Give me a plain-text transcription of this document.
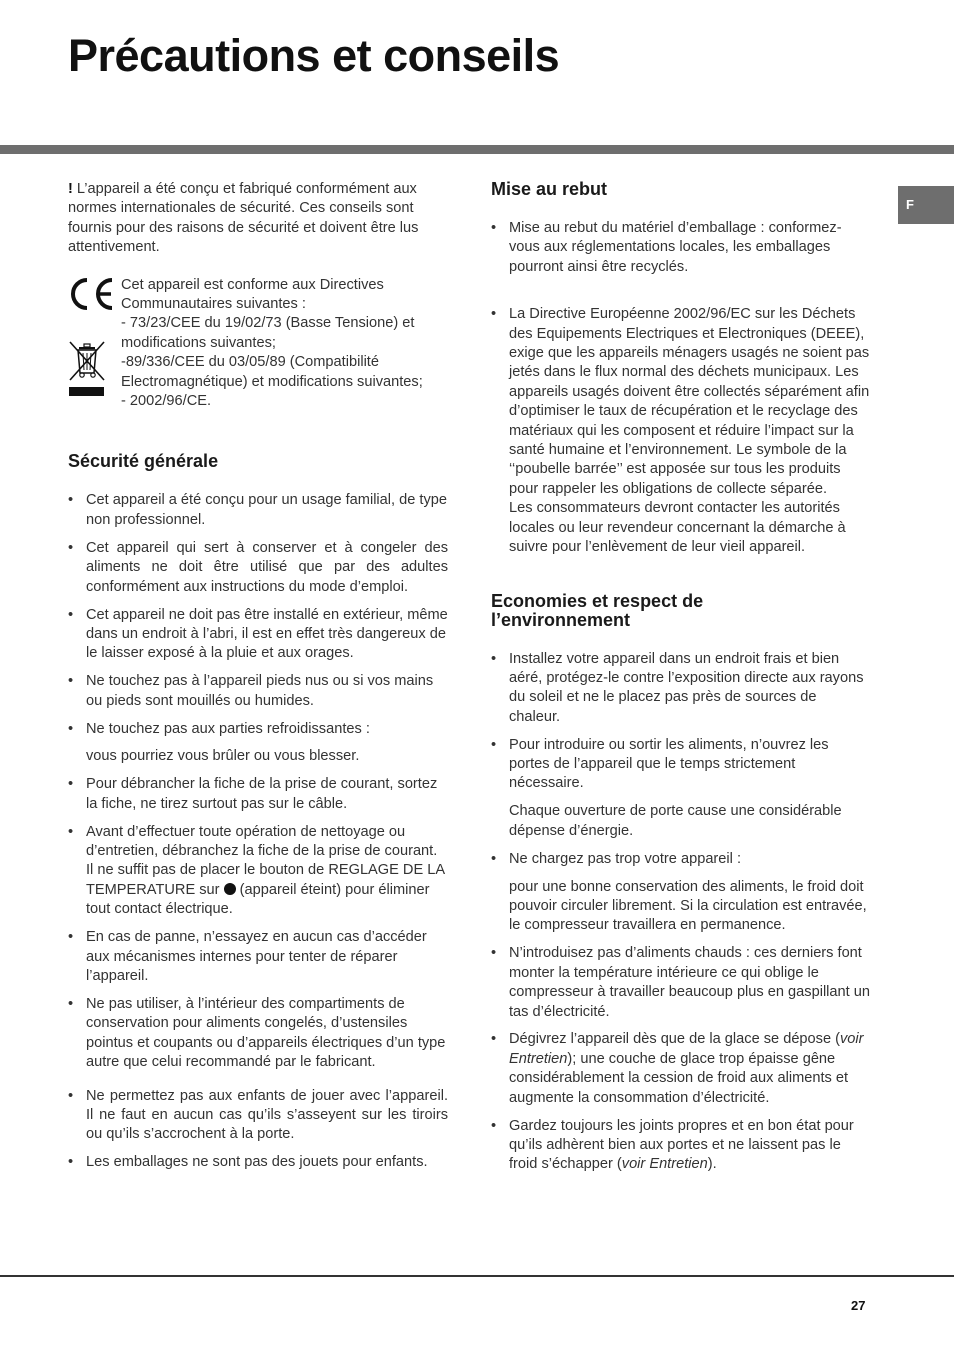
Précautions et conseils
F

! L’appareil a été conçu et fabriqué conformément aux normes internationales de sécurité. Ces conseils sont fournis pour des raisons de sécurité et doivent être lus attentivement.

Cet appareil est conforme aux Directives
Communautaires suivantes :
- 73/23/CEE du 19/02/73 (Basse Tensione) et
modifications suivantes;
-89/336/CEE du 03/05/89 (Compatibilité
Electromagnétique) et modifications suivantes;
- 2002/96/CE.
Sécurité générale
• Cet appareil a été conçu pour un usage familial, de type non professionnel.
• Cet appareil qui sert à conserver et à congeler des aliments ne doit être utilisé que par des adultes conformément aux instructions du mode d’emploi.
• Cet appareil ne doit pas être installé en extérieur, même dans un endroit à l’abri, il est en effet très dangereux de le laisser exposé à la pluie et aux orages.
• Ne touchez pas à l’appareil pieds nus ou si vos mains ou pieds sont mouillés ou humides.
• Ne touchez pas aux parties refroidissantes :
vous pourriez vous brûler ou vous blesser.
• Pour débrancher la fiche de la prise de courant, sortez la fiche, ne tirez surtout pas sur le câble.
• Avant d’effectuer toute opération de nettoyage ou d’entretien, débranchez la fiche de la prise de courant. Il ne suffit pas de placer le bouton de REGLAGE DE LA TEMPERATURE sur  (appareil éteint) pour éliminer tout contact électrique.
• En cas de panne, n’essayez en aucun cas d’accéder aux mécanismes internes pour tenter de réparer l’appareil.
• Ne pas utiliser, à l’intérieur des compartiments de conservation pour aliments congelés, d’ustensiles pointus et coupants ou d’appareils électriques d’un type autre que celui recommandé par le fabricant.
• Ne permettez pas aux enfants de jouer avec l’appareil. Il ne faut en aucun cas qu’ils s’asseyent sur les tiroirs ou qu’ils s’accrochent à la porte.
• Les emballages ne sont pas des jouets pour enfants.
Mise au rebut
• Mise au rebut du matériel d’emballage : conformez-vous aux réglementations locales, les emballages pourront ainsi être recyclés.
• La Directive Européenne 2002/96/EC sur les Déchets des Equipements Electriques et Electroniques (DEEE), exige que les appareils ménagers usagés ne soient pas jetés dans le flux normal des déchets municipaux. Les appareils usagés doivent être collectés séparément afin d’optimiser le taux de récupération et le recyclage des matériaux qui les composent et réduire l’impact sur la santé humaine et l’environnement. Le symbole de la ‘‘poubelle barrée’’ est apposée sur tous les produits pour rappeler les obligations de collecte séparée.
Les consommateurs devront contacter les autorités locales ou leur revendeur concernant la démarche à suivre pour l’enlèvement de leur vieil appareil.
Economies et respect de
l’environnement
• Installez votre appareil dans un endroit frais et bien aéré, protégez-le contre l’exposition directe aux rayons du soleil et ne le placez pas près de sources de chaleur.
• Pour introduire ou sortir les aliments, n’ouvrez les portes de l’appareil que le temps strictement nécessaire.
Chaque ouverture de porte cause une considérable dépense d’énergie.
• Ne chargez pas trop votre appareil :
pour une bonne conservation des aliments, le froid doit pouvoir circuler librement. Si la circulation est entravée, le compresseur travaillera en permanence.
• N’introduisez pas d’aliments chauds : ces derniers font monter la température intérieure ce qui oblige le compresseur à travailler beaucoup plus en gaspillant un tas d’électricité.
• Dégivrez l’appareil dès que de la glace se dépose (voir Entretien); une couche de glace trop épaisse gêne considérablement la cession de froid aux aliments et augmente la consommation d’électricité.
• Gardez toujours les joints propres et en bon état pour qu’ils adhèrent bien aux portes et ne laissent pas le froid s’échapper (voir Entretien).
27
